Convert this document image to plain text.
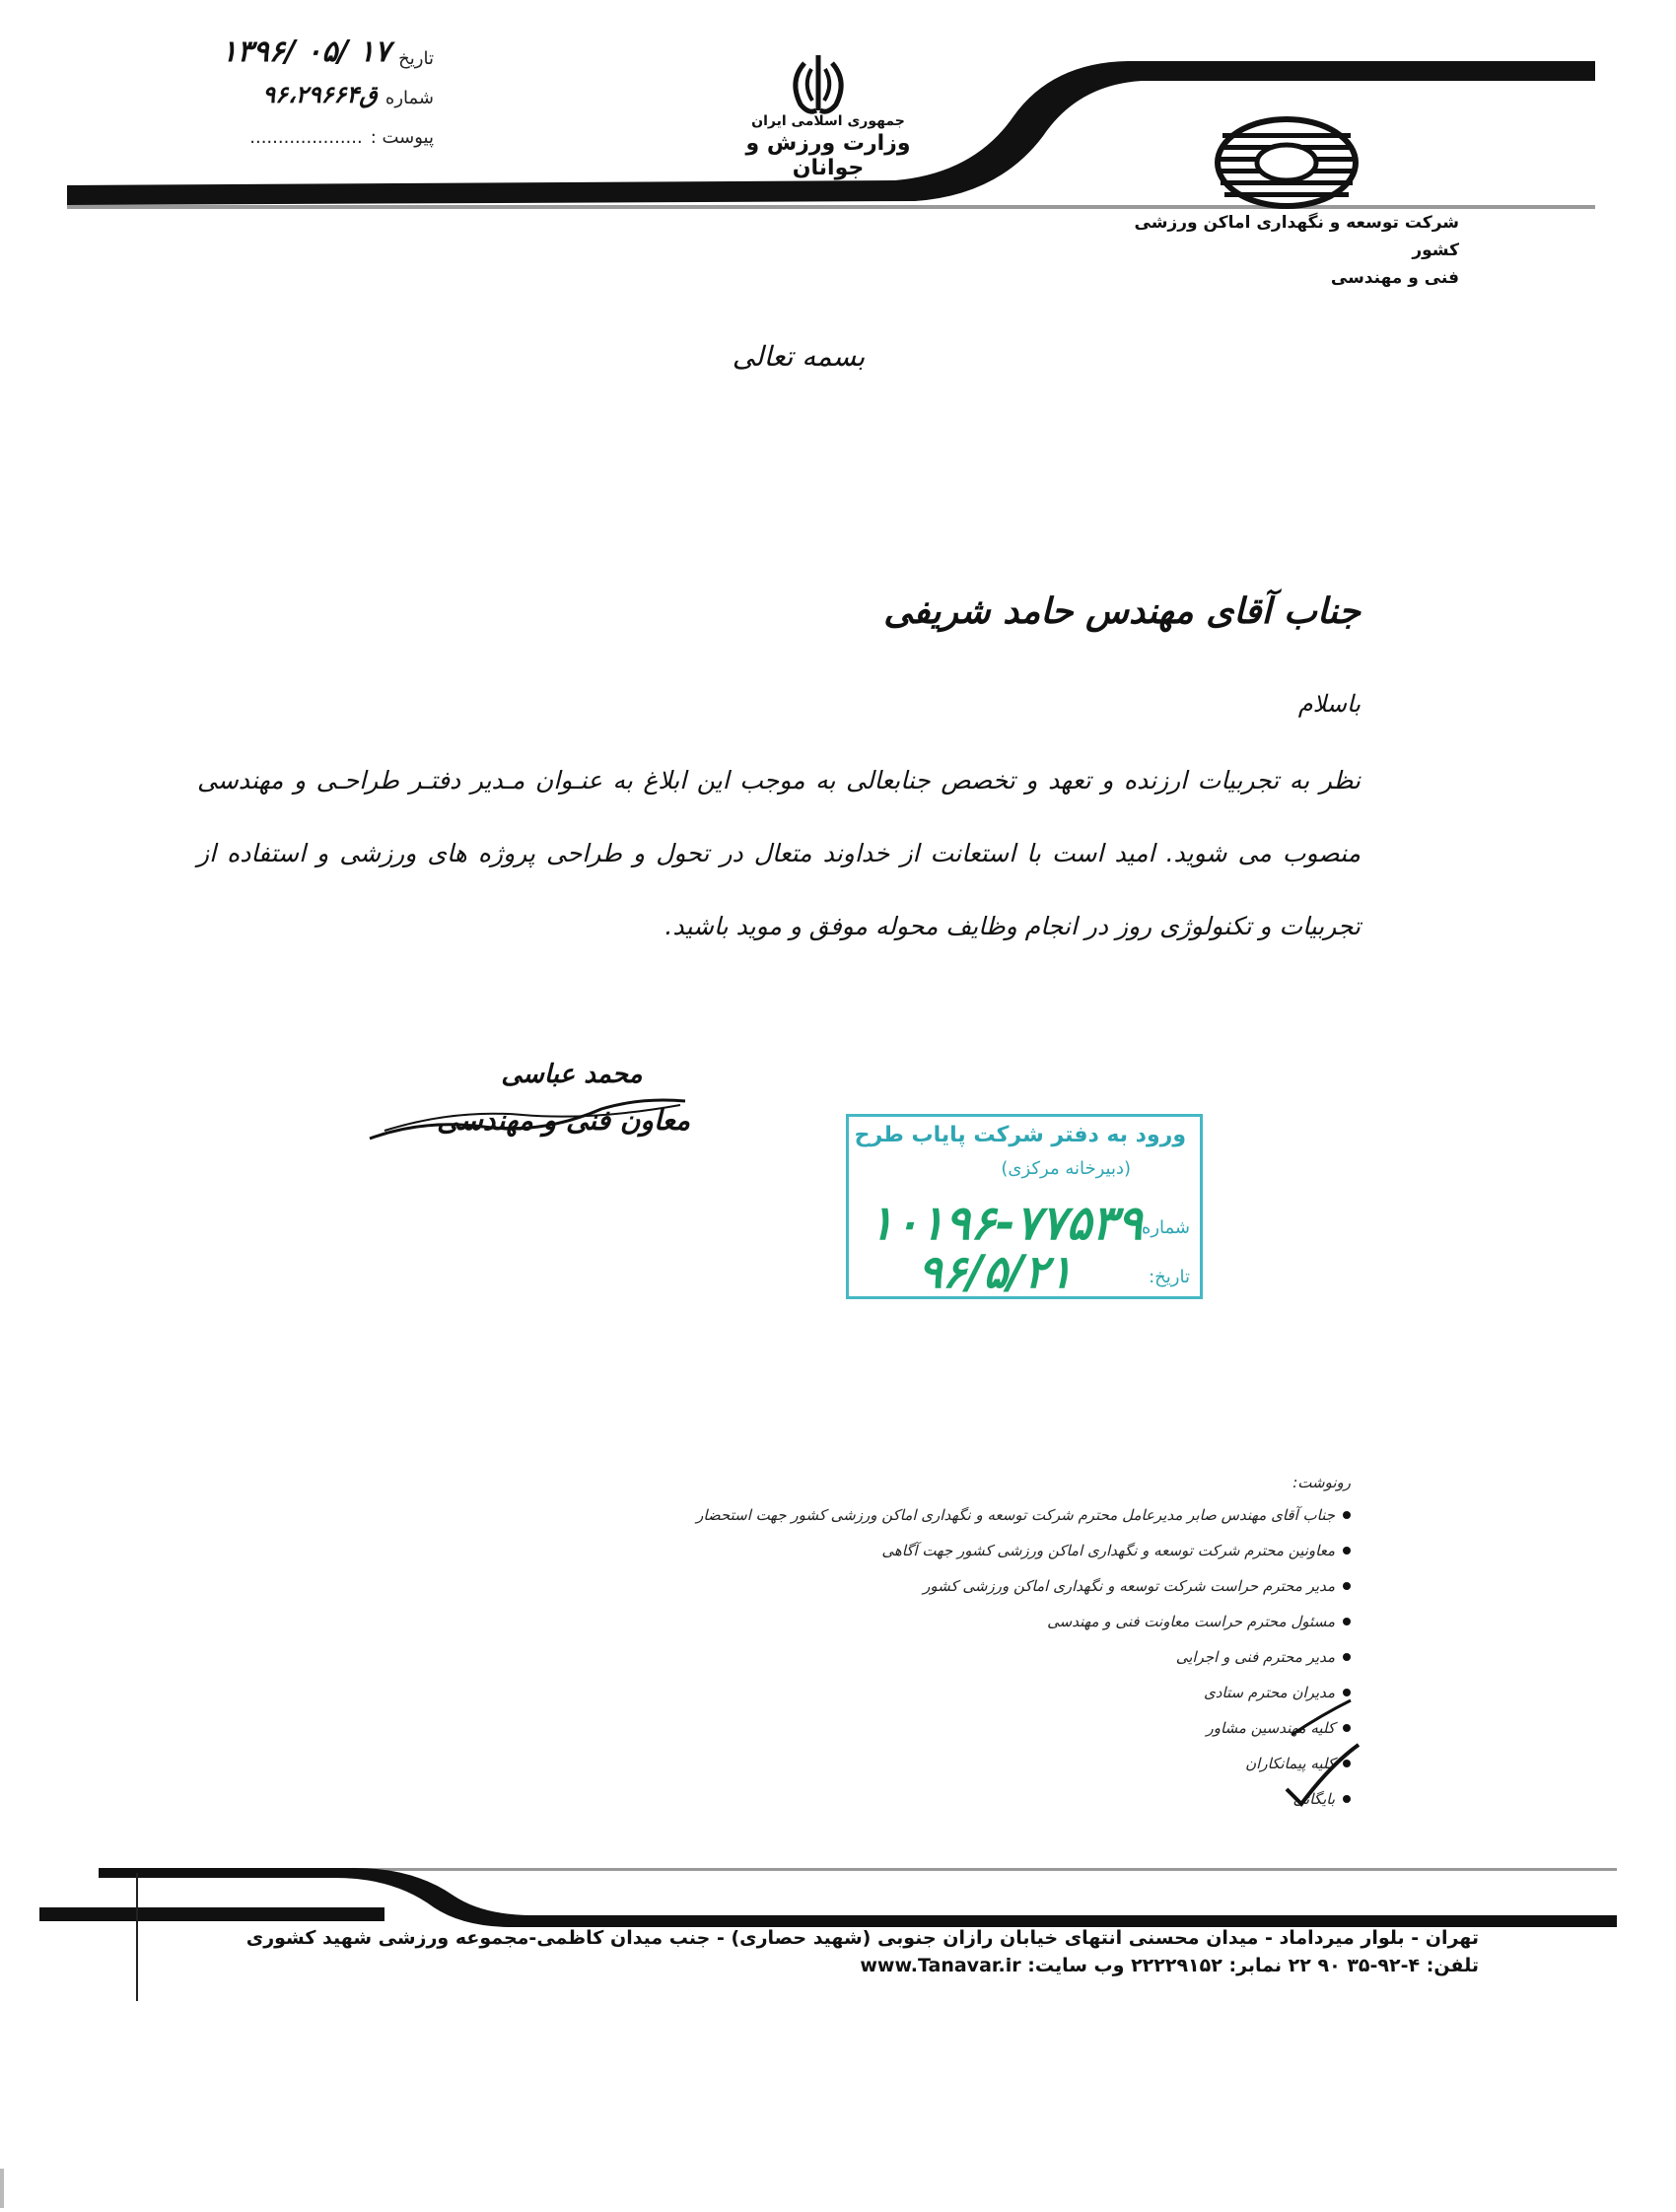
تاریخ
۱۳۹۶/ ۰۵/ ۱۷
شماره
۹۶،۲۹۶۶۴ق
پیوست :
....................
جمهوری اسلامی ایران
وزارت ورزش و جوانان
شرکت توسعه و نگهداری اماکن ورزشی کشور
فنی و مهندسی
بسمه تعالی
جناب آقای مهندس حامد شریفی
باسلام
نظر به تجربیات ارزنده و تعهد و تخصص جنابعالی به موجب این ابلاغ به عنـوان مـدیر دفتـر طراحـی و مهندسی منصوب می شوید. امید است با استعانت از خداوند متعال در تحول و طراحی پروژه های ورزشی و استفاده از تجربیات و تکنولوژی روز در انجام وظایف محوله موفق و موید باشید.
محمد عباسی
معاون فنی و مهندسی	ورود به دفتر شرکت پایاب طرح
(دبیرخانه مرکزی)
شماره:
۱۰۱۹۶-۷۷۵۳۹
تاریخ:
۹۶/۵/۲۱
رونوشت:
جناب آقای مهندس صابر مدیرعامل محترم شرکت توسعه و نگهداری اماکن ورزشی کشور جهت استحضار
معاونین محترم شرکت توسعه و نگهداری اماکن ورزشی کشور جهت آگاهی
مدیر محترم حراست شرکت توسعه و نگهداری اماکن ورزشی کشور
مسئول محترم حراست معاونت فنی و مهندسی
مدیر محترم فنی و اجرایی
مدیران محترم ستادی
کلیه مهندسین مشاور
کلیه پیمانکاران
بایگانی
تهران - بلوار میرداماد - میدان محسنی انتهای خیابان رازان جنوبی (شهید حصاری) - جنب میدان کاظمی-مجموعه ورزشی شهید کشوری
تلفن: ۴-۹۲-۳۵ ۹۰ ۲۲ نمابر: ۲۲۲۲۹۱۵۲ وب سایت: www.Tanavar.ir
